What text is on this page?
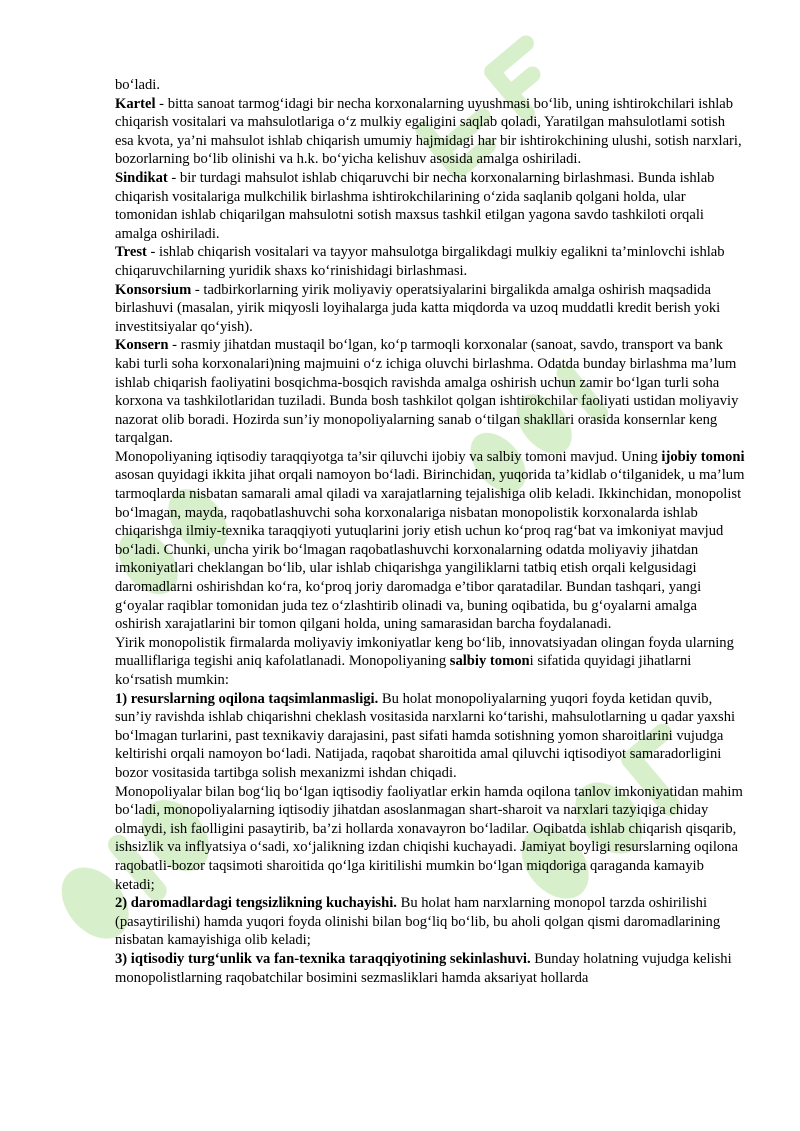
bo‘ladi.

Kartel - bitta sanoat tarmog‘idagi bir necha korxonalarning uyushmasi bo‘lib, uning ishtirokchilari ishlab chiqarish vositalari va mahsulotlariga o‘z mulkiy egaligini saqlab qoladi, Yaratilgan mahsulotlami sotish esa kvota, ya’ni mahsulot ishlab chiqarish umumiy hajmidagi har bir ishtirokchining ulushi, sotish narxlari, bozorlarning bo‘lib olinishi va h.k. bo‘yicha kelishuv asosida amalga oshiriladi.

Sindikat - bir turdagi mahsulot ishlab chiqaruvchi bir necha korxonalarning birlashmasi. Bunda ishlab chiqarish vositalariga mulkchilik birlashma ishtirokchilarining o‘zida saqlanib qolgani holda, ular tomonidan ishlab chiqarilgan mahsulotni sotish maxsus tashkil etilgan yagona savdo tashkiloti orqali amalga oshiriladi.

Trest - ishlab chiqarish vositalari va tayyor mahsulotga birgalikdagi mulkiy egalikni ta’minlovchi ishlab chiqaruvchilarning yuridik shaxs ko‘rinishidagi birlashmasi.

Konsorsium - tadbirkorlarning yirik moliyaviy operatsiyalarini birgalikda amalga oshirish maqsadida birlashuvi (masalan, yirik miqyosli loyihalarga juda katta miqdorda va uzoq muddatli kredit berish yoki investitsiyalar qo‘yish).

Konsern - rasmiy jihatdan mustaqil bo‘lgan, ko‘p tarmoqli korxonalar (sanoat, savdo, transport va bank kabi turli soha korxonalari)ning majmuini o‘z ichiga oluvchi birlashma. Odatda bunday birlashma ma’lum ishlab chiqarish faoliyatini bosqichma-bosqich ravishda amalga oshirish uchun zamir bo‘lgan turli soha korxona va tashkilotlaridan tuziladi. Bunda bosh tashkilot qolgan ishtirokchilar faoliyati ustidan moliyaviy nazorat olib boradi. Hozirda sun’iy monopoliyalarning sanab o‘tilgan shakllari orasida konsernlar keng tarqalgan.

Monopoliyaning iqtisodiy taraqqiyotga ta’sir qiluvchi ijobiy va salbiy tomoni mavjud. Uning ijobiy tomoni asosan quyidagi ikkita jihat orqali namoyon bo‘ladi. Birinchidan, yuqorida ta’kidlab o‘tilganidek, u ma’lum tarmoqlarda nisbatan samarali amal qiladi va xarajatlarning tejalishiga olib keladi. Ikkinchidan, monopolist bo‘lmagan, mayda, raqobatlashuvchi soha korxonalariga nisbatan monopolistik korxonalarda ishlab chiqarishga ilmiy-texnika taraqqiyoti yutuqlarini joriy etish uchun ko‘proq rag‘bat va imkoniyat mavjud bo‘ladi. Chunki, uncha yirik bo‘lmagan raqobatlashuvchi korxonalarning odatda moliyaviy jihatdan imkoniyatlari cheklangan bo‘lib, ular ishlab chiqarishga yangiliklarni tatbiq etish orqali kelgusidagi daromadlarni oshirishdan ko‘ra, ko‘proq joriy daromadga e’tibor qaratadilar. Bundan tashqari, yangi g‘oyalar raqiblar tomonidan juda tez o‘zlashtirib olinadi va, buning oqibatida, bu g‘oyalarni amalga oshirish xarajatlarini bir tomon qilgani holda, uning samarasidan barcha foydalanadi.

Yirik monopolistik firmalarda moliyaviy imkoniyatlar keng bo‘lib, innovatsiyadan olingan foyda ularning mualliflariga tegishi aniq kafolatlanadi. Monopoliyaning salbiy tomoni sifatida quyidagi jihatlarni ko‘rsatish mumkin:

1) resurslarning oqilona taqsimlanmasligi. Bu holat monopoliyalarning yuqori foyda ketidan quvib, sun’iy ravishda ishlab chiqarishni cheklash vositasida narxlarni ko‘tarishi, mahsulotlarning u qadar yaxshi bo‘lmagan turlarini, past texnikaviy darajasini, past sifati hamda sotishning yomon sharoitlarini vujudga keltirishi orqali namoyon bo‘ladi. Natijada, raqobat sharoitida amal qiluvchi iqtisodiyot samaradorligini bozor vositasida tartibga solish mexanizmi ishdan chiqadi.

Monopoliyalar bilan bog‘liq bo‘lgan iqtisodiy faoliyatlar erkin hamda oqilona tanlov imkoniyatidan mahim bo‘ladi, monopoliyalarning iqtisodiy jihatdan asoslanmagan shart-sharoit va narxlari tazyiqiga chiday olmaydi, ish faolligini pasaytirib, ba’zi hollarda xonavayron bo‘ladilar. Oqibatda ishlab chiqarish qisqarib, ishsizlik va inflyatsiya o‘sadi, xo‘jalikning izdan chiqishi kuchayadi. Jamiyat boyligi resurslarning oqilona raqobatli-bozor taqsimoti sharoitida qo‘lga kiritilishi mumkin bo‘lgan miqdoriga qaraganda kamayib ketadi;

2) daromadlardagi tengsizlikning kuchayishi. Bu holat ham narxlarning monopol tarzda oshirilishi (pasaytirilishi) hamda yuqori foyda olinishi bilan bog‘liq bo‘lib, bu aholi qolgan qismi daromadlarining nisbatan kamayishiga olib keladi;

3) iqtisodiy turg‘unlik va fan-texnika taraqqiyotining sekinlashuvi. Bunday holatning vujudga kelishi monopolistlarning raqobatchilar bosimini sezmasliklari hamda aksariyat hollarda
